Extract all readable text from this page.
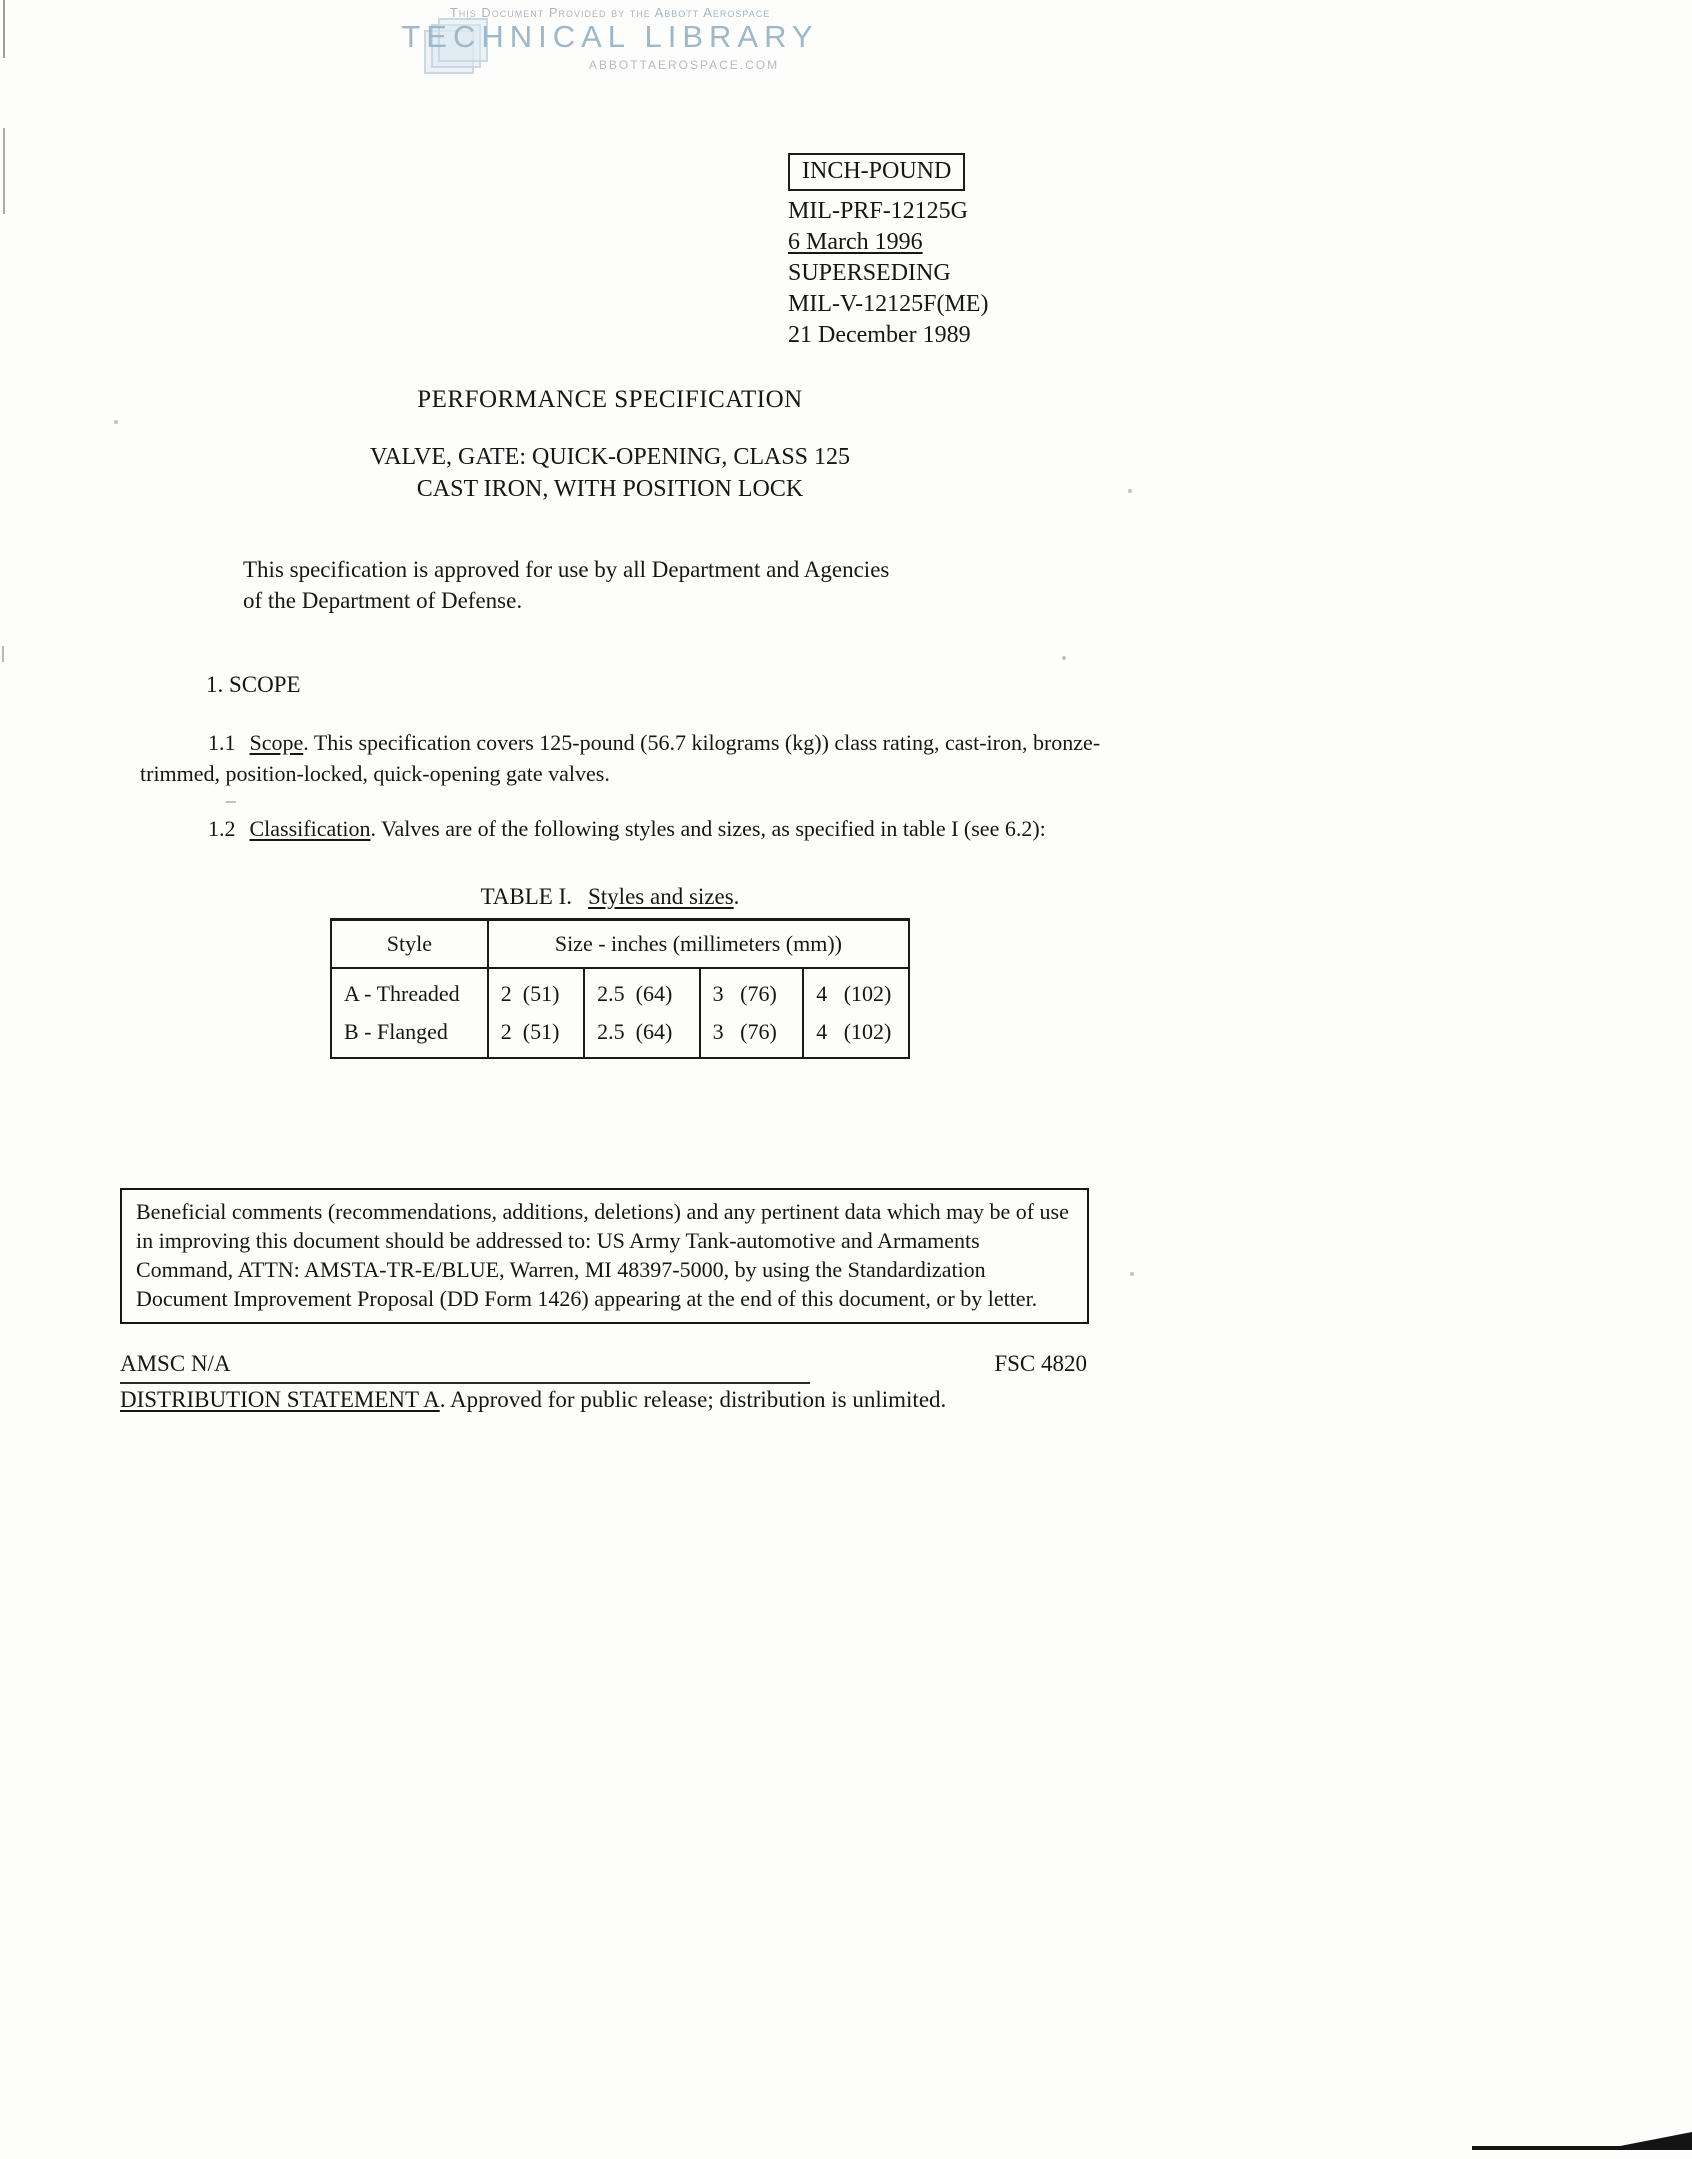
This Document Provided by the Abbott Aerospace
TECHNICAL LIBRARY
ABBOTTAEROSPACE.COM
INCH-POUND
MIL-PRF-12125G
6 March 1996
SUPERSEDING
MIL-V-12125F(ME)
21 December 1989
PERFORMANCE SPECIFICATION
VALVE, GATE: QUICK-OPENING, CLASS 125
CAST IRON, WITH POSITION LOCK
This specification is approved for use by all Department and Agencies
of the Department of Defense.
1. SCOPE
1.1 Scope. This specification covers 125-pound (56.7 kilograms (kg)) class rating, cast-iron, bronze-trimmed, position-locked, quick-opening gate valves.
1.2 Classification. Valves are of the following styles and sizes, as specified in table I (see 6.2):
TABLE I. Styles and sizes.
Style	Size - inches (millimeters (mm))			
A - Threaded	2  (51)	2.5  (64)	3   (76)	4   (102)
B - Flanged	2  (51)	2.5  (64)	3   (76)	4   (102)
Beneficial comments (recommendations, additions, deletions) and any pertinent data which may be of use in improving this document should be addressed to: US Army Tank-automotive and Armaments Command, ATTN: AMSTA-TR-E/BLUE, Warren, MI 48397-5000, by using the Standardization Document Improvement Proposal (DD Form 1426) appearing at the end of this document, or by letter.
AMSC N/A	FSC 4820
DISTRIBUTION STATEMENT A. Approved for public release; distribution is unlimited.
